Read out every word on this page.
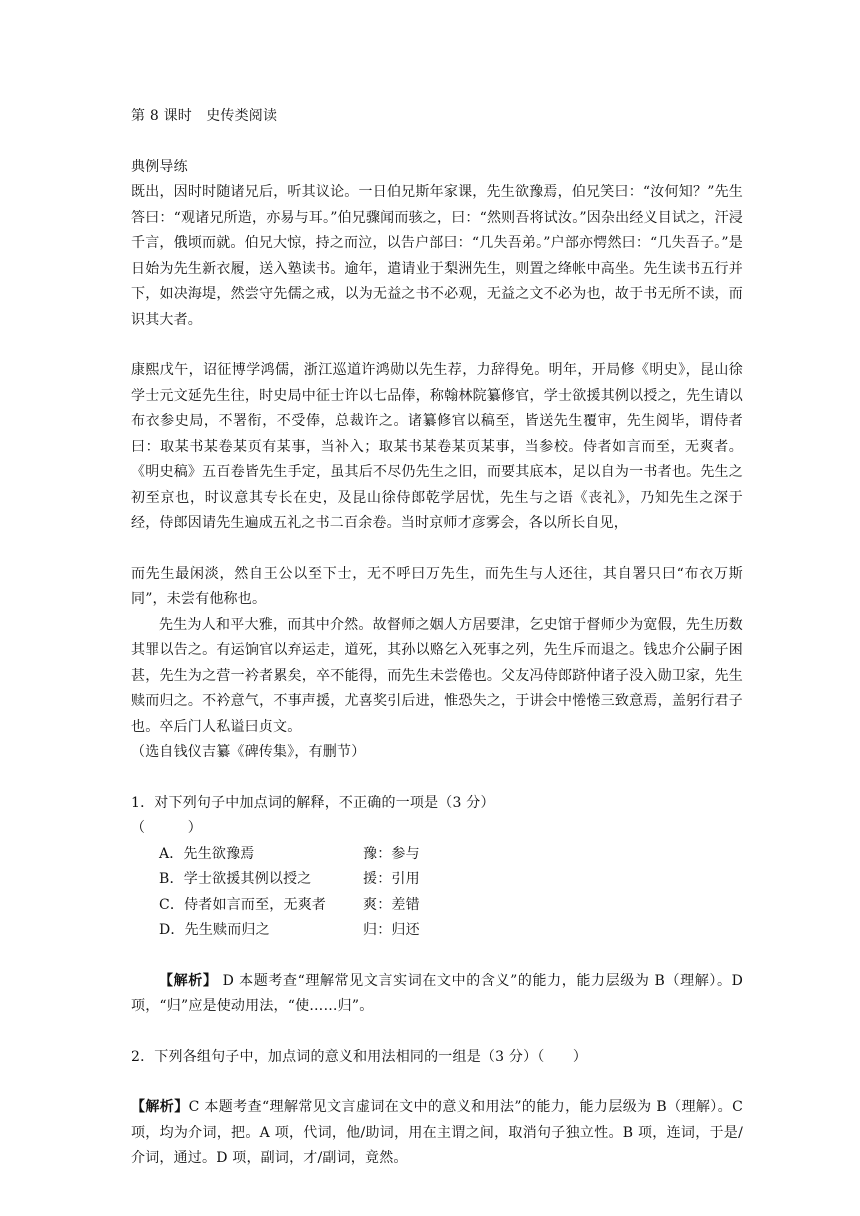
第 8 课时　史传类阅读

典例导练

既出，因时时随诸兄后，听其议论。一日伯兄斯年家课，先生欲豫焉，伯兄笑曰：“汝何知？”先生答曰：“观诸兄所造，亦易与耳。”伯兄骤闻而骇之，曰：“然则吾将试汝。”因杂出经义目试之，汗浸千言，俄顷而就。伯兄大惊，持之而泣，以告户部曰：“几失吾弟。”户部亦愕然曰：“几失吾子。”是日始为先生新衣履，送入塾读书。逾年，遣请业于梨洲先生，则置之绛帐中高坐。先生读书五行并下，如决海堤，然尝守先儒之戒，以为无益之书不必观，无益之文不必为也，故于书无所不读，而识其大者。

康熙戊午，诏征博学鸿儒，浙江巡道许鸿勋以先生荐，力辞得免。明年，开局修《明史》，昆山徐学士元文延先生往，时史局中征士许以七品俸，称翰林院纂修官，学士欲援其例以授之，先生请以布衣参史局，不署衔，不受俸，总裁许之。诸纂修官以稿至，皆送先生覆审，先生阅毕，谓侍者曰：取某书某卷某页有某事，当补入；取某书某卷某页某事，当参校。侍者如言而至，无爽者。《明史稿》五百卷皆先生手定，虽其后不尽仍先生之旧，而要其底本，足以自为一书者也。先生之初至京也，时议意其专长在史，及昆山徐侍郎乾学居忧，先生与之语《丧礼》，乃知先生之深于经，侍郎因请先生遍成五礼之书二百余卷。当时京师才彦雾会，各以所长自见，

而先生最闲淡，然自王公以至下士，无不呼曰万先生，而先生与人还往，其自署只曰“布衣万斯同”，未尝有他称也。

先生为人和平大雅，而其中介然。故督师之姻人方居要津，乞史馆于督师少为宽假，先生历数其罪以告之。有运饷官以弃运走，道死，其孙以赂乞入死事之列，先生斥而退之。钱忠介公嗣子困甚，先生为之营一衿者累矣，卒不能得，而先生未尝倦也。父友冯侍郎跻仲诸子没入勋卫家，先生赎而归之。不衿意气，不事声援，尤喜奖引后进，惟恐失之，于讲会中惓惓三致意焉，盖躬行君子也。卒后门人私谥曰贞文。

（选自钱仪吉纂《碑传集》，有删节）

1．对下列句子中加点词的解释，不正确的一项是（3 分）

（　　　）

A．先生欲豫焉	豫：参与
B．学士欲援其例以授之	援：引用
C．侍者如言而至，无爽者	爽：差错
D．先生赎而归之	归：归还

【解析】 D 本题考查“理解常见文言实词在文中的含义”的能力，能力层级为 B（理解）。D 项，“归”应是使动用法，“使……归”。

2．下列各组句子中，加点词的意义和用法相同的一组是（3 分）（　　）

【解析】C 本题考查“理解常见文言虚词在文中的意义和用法”的能力，能力层级为 B（理解）。C 项，均为介词，把。A 项，代词，他/助词，用在主谓之间，取消句子独立性。B 项，连词，于是/介词，通过。D 项，副词，才/副词，竟然。
